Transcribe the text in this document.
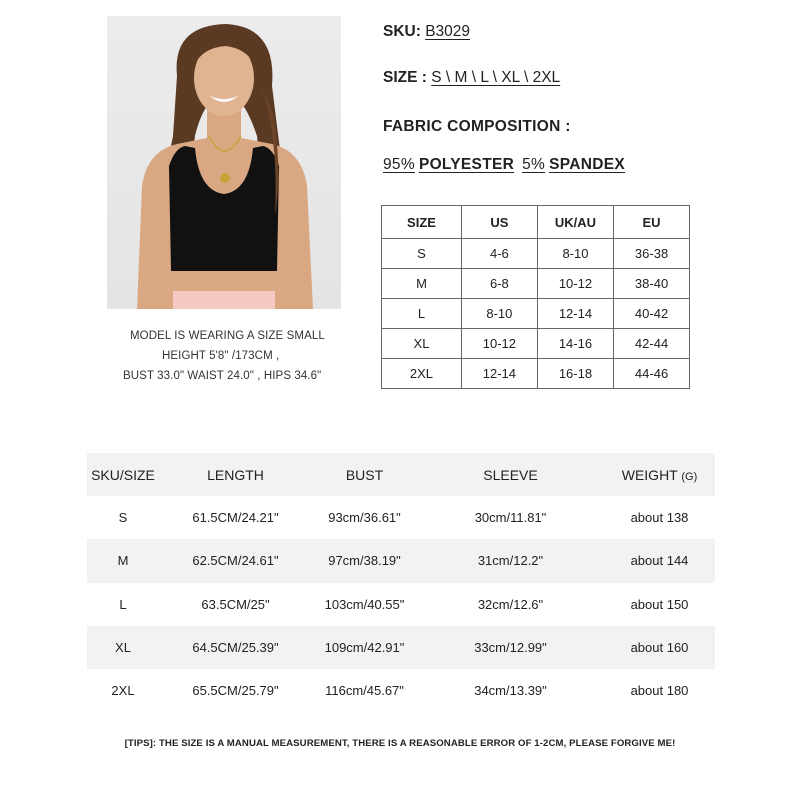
MODEL IS WEARING A SIZE SMALL
HEIGHT 5'8" /173CM ,
BUST 33.0" WAIST 24.0" , HIPS 34.6"
SKU: B3029
SIZE : S \ M \ L \ XL \ 2XL
FABRIC COMPOSITION :
95% POLYESTER 5% SPANDEX
SIZE	US	UK/AU	EU
S	4-6	8-10	36-38
M	6-8	10-12	38-40
L	8-10	12-14	40-42
XL	10-12	14-16	42-44
2XL	12-14	16-18	44-46
SKU/SIZE	LENGTH	BUST	SLEEVE	WEIGHT (G)
S	61.5CM/24.21"	93cm/36.61"	30cm/11.81"	about 138
M	62.5CM/24.61"	97cm/38.19"	31cm/12.2"	about 144
L	63.5CM/25"	103cm/40.55"	32cm/12.6"	about 150
XL	64.5CM/25.39"	109cm/42.91"	33cm/12.99"	about 160
2XL	65.5CM/25.79"	116cm/45.67"	34cm/13.39"	about 180
[TIPS]: THE SIZE IS A MANUAL MEASUREMENT, THERE IS A REASONABLE ERROR OF 1-2CM, PLEASE FORGIVE ME!
